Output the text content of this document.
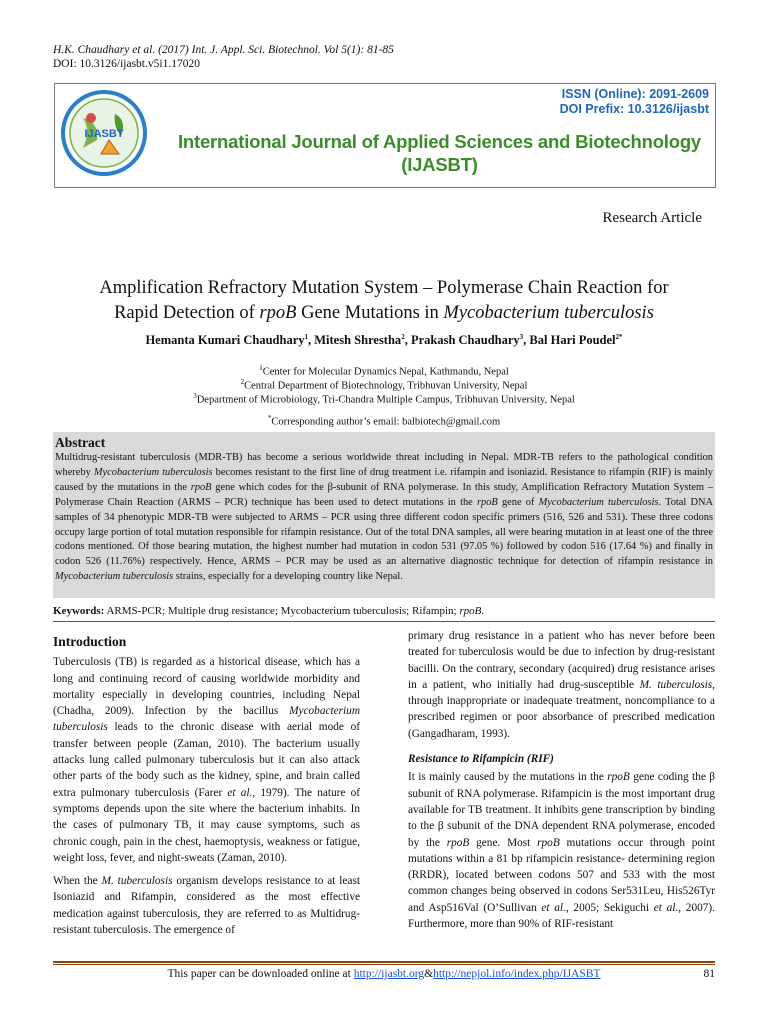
H.K. Chaudhary et al. (2017) Int. J. Appl. Sci. Biotechnol. Vol 5(1): 81-85
DOI: 10.3126/ijasbt.v5i1.17020
IJASBT
ISSN (Online): 2091-2609
DOI Prefix: 10.3126/ijasbt
International Journal of Applied Sciences and Biotechnology
(IJASBT)
Research Article
Amplification Refractory Mutation System – Polymerase Chain Reaction for
Rapid Detection of rpoB Gene Mutations in Mycobacterium tuberculosis
Hemanta Kumari Chaudhary$^1$, Mitesh Shrestha$^2$, Prakash Chaudhary$^3$, Bal Hari Poudel$^{2*}$
$^1$Center for Molecular Dynamics Nepal, Kathmandu, Nepal
$^2$Central Department of Biotechnology, Tribhuvan University, Nepal
$^3$Department of Microbiology, Tri-Chandra Multiple Campus, Tribhuvan University, Nepal
*Corresponding author’s email: balbiotech@gmail.com
Abstract

Multidrug-resistant tuberculosis (MDR-TB) has become a serious worldwide threat including in Nepal. MDR-TB refers to the pathological condition whereby Mycobacterium tuberculosis becomes resistant to the first line of drug treatment i.e. rifampin and isoniazid. Resistance to rifampin (RIF) is mainly caused by the mutations in the rpoB gene which codes for the β-subunit of RNA polymerase. In this study, Amplification Refractory Mutation System – Polymerase Chain Reaction (ARMS – PCR) technique has been used to detect mutations in the rpoB gene of Mycobacterium tuberculosis. Total DNA samples of 34 phenotypic MDR-TB were subjected to ARMS – PCR using three different codon specific primers (516, 526 and 531). These three codons occupy large portion of total mutation responsible for rifampin resistance. Out of the total DNA samples, all were bearing mutation in at least one of the three codons mentioned. Of those bearing mutation, the highest number had mutation in codon 531 (97.05 %) followed by codon 516 (17.64 %) and finally in codon 526 (11.76%) respectively. Hence, ARMS – PCR may be used as an alternative diagnostic technique for detection of rifampin resistance in Mycobacterium tuberculosis strains, especially for a developing country like Nepal.

Keywords: ARMS-PCR; Multiple drug resistance; Mycobacterium tuberculosis; Rifampin; rpoB.
Introduction

Tuberculosis (TB) is regarded as a historical disease, which has a long and continuing record of causing worldwide morbidity and mortality especially in developing countries, including Nepal (Chadha, 2009). Infection by the bacillus Mycobacterium tuberculosis leads to the chronic disease with aerial mode of transfer between people (Zaman, 2010). The bacterium usually attacks lung called pulmonary tuberculosis but it can also attack other parts of the body such as the kidney, spine, and brain called extra pulmonary tuberculosis (Farer et al., 1979). The nature of symptoms depends upon the site where the bacterium inhabits. In the cases of pulmonary TB, it may cause symptoms, such as chronic cough, pain in the chest, haemoptysis, weakness or fatigue, weight loss, fever, and night-sweats (Zaman, 2010).

When the M. tuberculosis organism develops resistance to at least Isoniazid and Rifampin, considered as the most effective medication against tuberculosis, they are referred to as Multidrug-resistant tuberculosis. The emergence of

primary drug resistance in a patient who has never before been treated for tuberculosis would be due to infection by drug-resistant bacilli. On the contrary, secondary (acquired) drug resistance arises in a patient, who initially had drug-susceptible M. tuberculosis, through inappropriate or inadequate treatment, noncompliance to a prescribed regimen or poor absorbance of prescribed medication (Gangadharam, 1993).

Resistance to Rifampicin (RIF)

It is mainly caused by the mutations in the rpoB gene coding the β subunit of RNA polymerase. Rifampicin is the most important drug available for TB treatment. It inhibits gene transcription by binding to the β subunit of the DNA dependent RNA polymerase, encoded by the rpoB gene. Most rpoB mutations occur through point mutations within a 81 bp rifampicin resistance- determining region (RRDR), located between codons 507 and 533 with the most common changes being observed in codons Ser531Leu, His526Tyr and Asp516Val (O’Sullivan et al., 2005; Sekiguchi et al., 2007). Furthermore, more than 90% of RIF-resistant

This paper can be downloaded online at http://ijasbt.org&http://nepjol.info/index.php/IJASBT	81
